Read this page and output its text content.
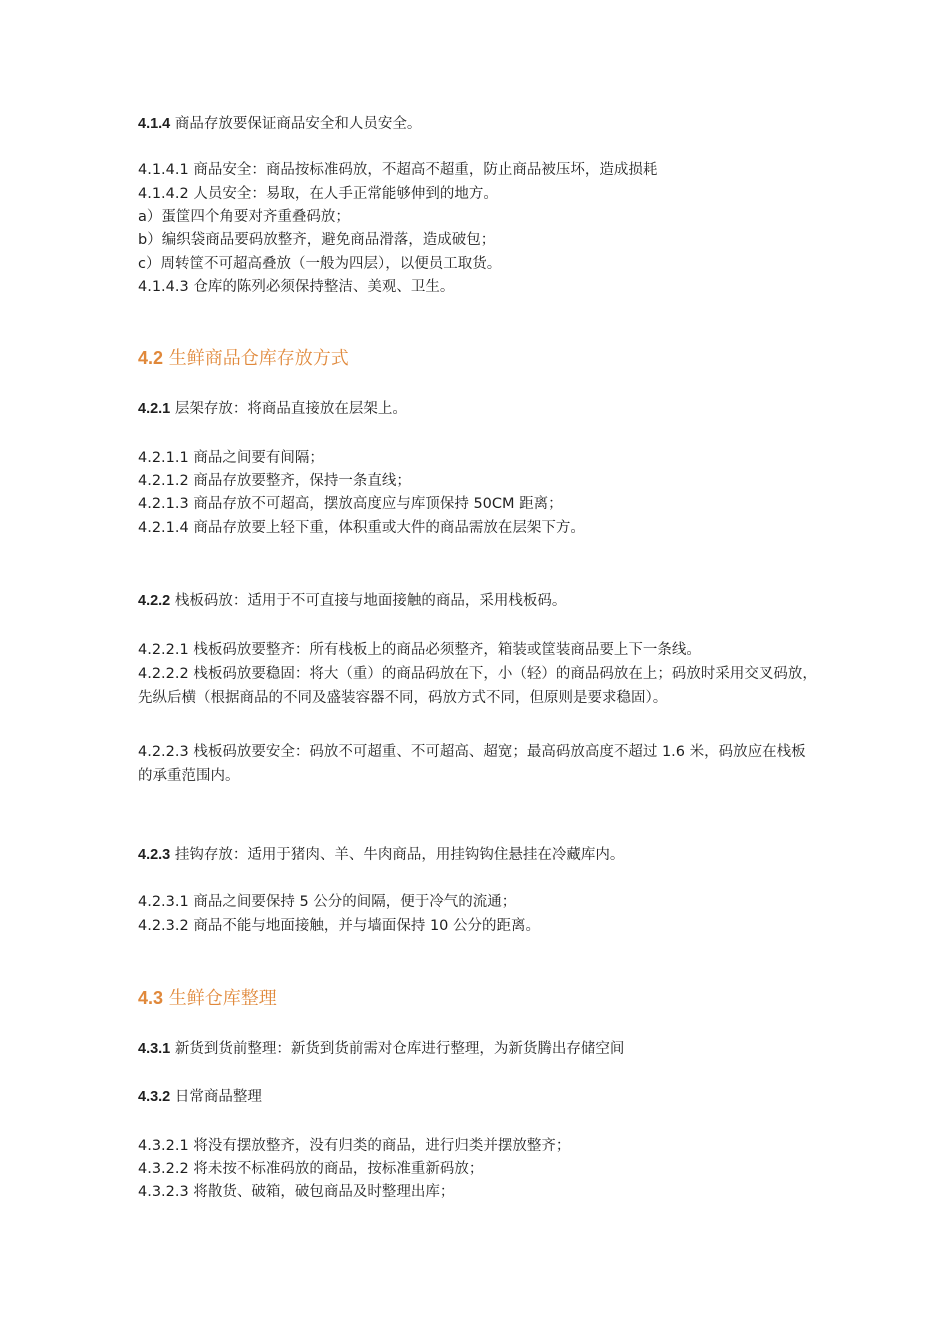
4.1.4 商品存放要保证商品安全和人员安全。
4.1.4.1 商品安全：商品按标准码放，不超高不超重，防止商品被压坏，造成损耗
4.1.4.2 人员安全：易取，在人手正常能够伸到的地方。
a）蛋筐四个角要对齐重叠码放；
b）编织袋商品要码放整齐，避免商品滑落，造成破包；
c）周转筐不可超高叠放（一般为四层），以便员工取货。
4.1.4.3 仓库的陈列必须保持整洁、美观、卫生。
4.2 生鲜商品仓库存放方式
4.2.1 层架存放：将商品直接放在层架上。
4.2.1.1 商品之间要有间隔；
4.2.1.2 商品存放要整齐，保持一条直线；
4.2.1.3 商品存放不可超高，摆放高度应与库顶保持 50CM 距离；
4.2.1.4 商品存放要上轻下重，体积重或大件的商品需放在层架下方。
4.2.2 栈板码放：适用于不可直接与地面接触的商品，采用栈板码。
4.2.2.1 栈板码放要整齐：所有栈板上的商品必须整齐，箱装或筐装商品要上下一条线。
4.2.2.2 栈板码放要稳固：将大（重）的商品码放在下，小（轻）的商品码放在上；码放时采用交叉码放，先纵后横（根据商品的不同及盛装容器不同，码放方式不同，但原则是要求稳固）。
4.2.2.3 栈板码放要安全：码放不可超重、不可超高、超宽；最高码放高度不超过 1.6 米，码放应在栈板的承重范围内。
4.2.3 挂钩存放：适用于猪肉、羊、牛肉商品，用挂钩钩住悬挂在冷藏库内。
4.2.3.1 商品之间要保持 5 公分的间隔，便于冷气的流通；
4.2.3.2 商品不能与地面接触，并与墙面保持 10 公分的距离。
4.3 生鲜仓库整理
4.3.1 新货到货前整理：新货到货前需对仓库进行整理，为新货腾出存储空间
4.3.2 日常商品整理
4.3.2.1 将没有摆放整齐，没有归类的商品，进行归类并摆放整齐；
4.3.2.2 将未按不标准码放的商品，按标准重新码放；
4.3.2.3 将散货、破箱，破包商品及时整理出库；
